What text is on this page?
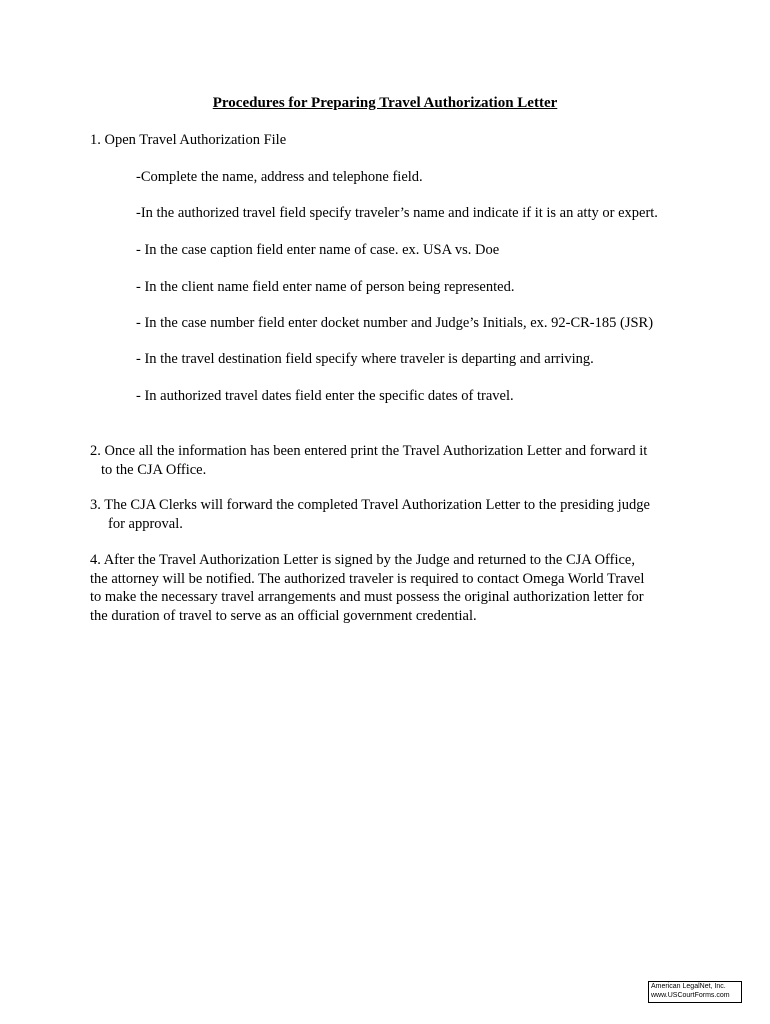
Procedures for Preparing Travel Authorization Letter
1. Open Travel Authorization File
-Complete the name, address and telephone field.
-In the authorized travel field specify traveler’s name and indicate if it is an atty or expert.
- In the case caption field enter name of case. ex. USA vs. Doe
- In the client name field enter name of person being represented.
- In the case number field enter docket number and Judge’s Initials, ex. 92-CR-185 (JSR)
- In the travel destination field specify where traveler is departing and arriving.
- In authorized travel dates field enter the specific dates of travel.
2. Once all the information has been entered print the Travel Authorization Letter and forward it
to the CJA Office.
3. The CJA Clerks will forward the completed Travel Authorization Letter to the presiding judge
for approval.
4. After the Travel Authorization Letter is signed by the Judge and returned to the CJA Office,
the attorney will be notified. The authorized traveler is required to contact Omega World Travel
to make the necessary travel arrangements and must possess the original authorization letter for
the duration of travel to serve as an official government credential.
American LegalNet, Inc.
www.USCourtForms.com
